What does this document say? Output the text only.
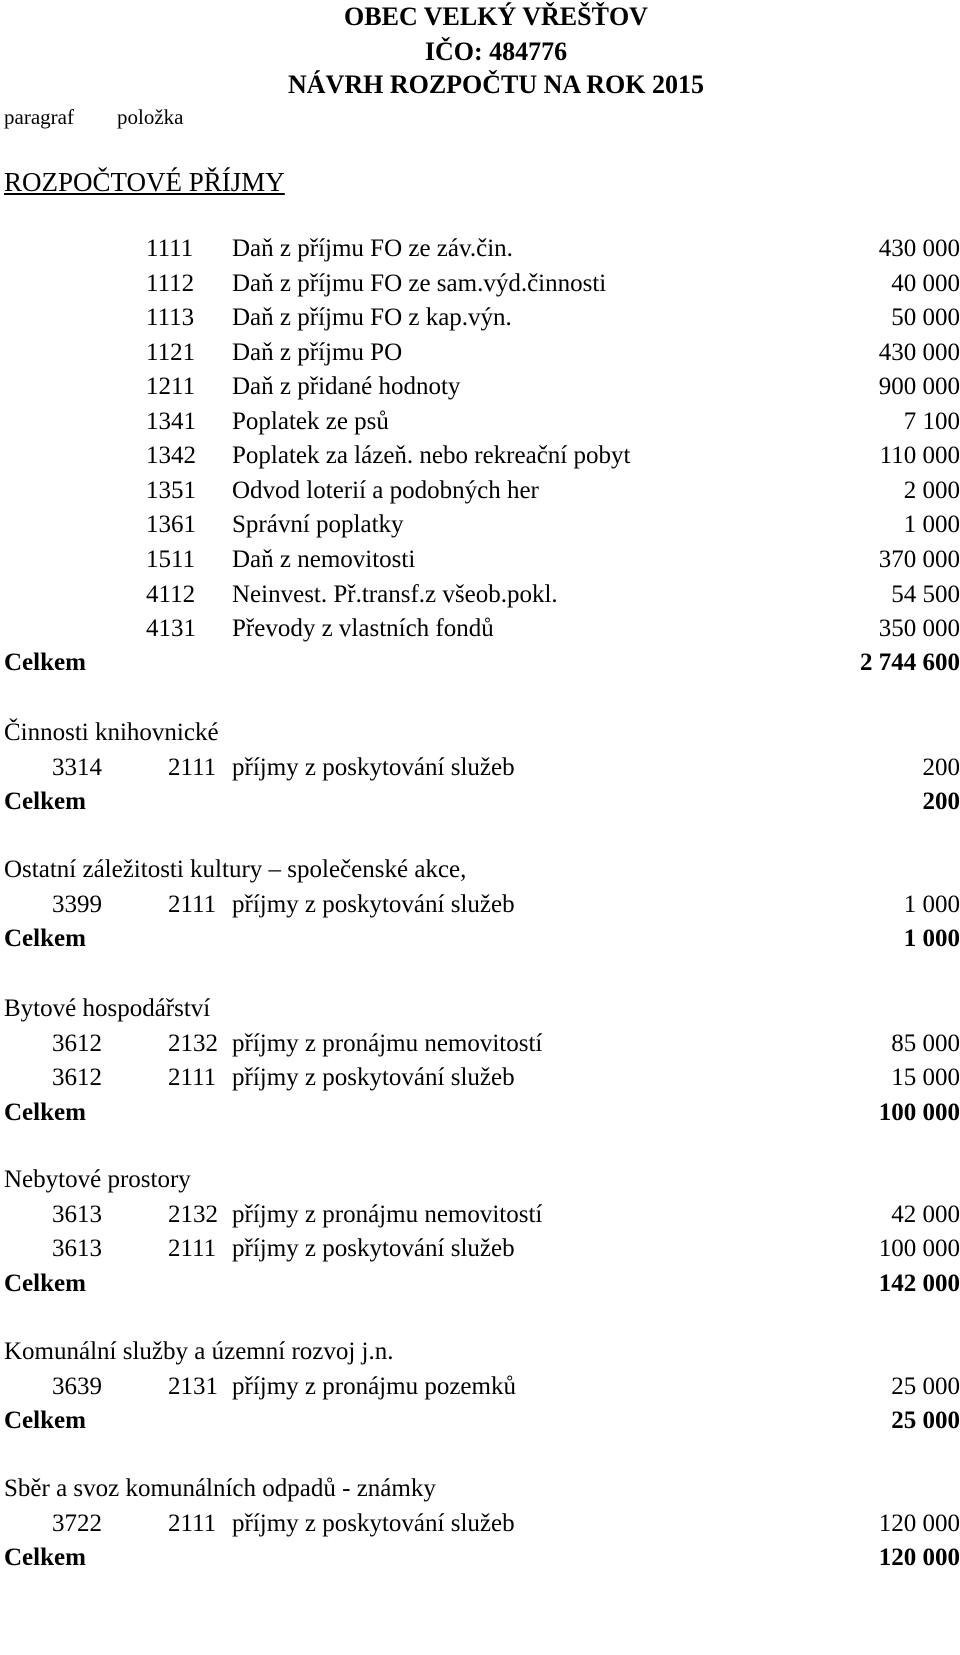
OBEC VELKÝ VŘEŠŤOV
IČO: 484776
NÁVRH ROZPOČTU NA ROK 2015
paragraf položka
ROZPOČTOVÉ PŘÍJMY
1111 Daň z příjmu FO ze záv.čin.	430 000
1112 Daň z příjmu FO ze sam.výd.činnosti	40 000
1113 Daň z příjmu FO z kap.výn.	50 000
1121 Daň z příjmu PO	430 000
1211 Daň z přidané hodnoty	900 000
1341 Poplatek ze psů	7 100
1342 Poplatek za lázeň. nebo rekreační pobyt	110 000
1351 Odvod loterií a podobných her	2 000
1361 Správní poplatky	1 000
1511 Daň z nemovitosti	370 000
4112 Neinvest. Př.transf.z všeob.pokl.	54 500
4131 Převody z vlastních fondů	350 000
Celkem	2 744 600
Činnosti knihovnické
3314	2111 příjmy z poskytování služeb	200
Celkem	200
Ostatní záležitosti kultury – společenské akce,
3399	2111 příjmy z poskytování služeb	1 000
Celkem	1 000
Bytové hospodářství
3612	2132 příjmy z pronájmu nemovitostí	85 000
3612	2111 příjmy z poskytování služeb	15 000
Celkem	100 000
Nebytové prostory
3613	2132 příjmy z pronájmu nemovitostí	42 000
3613	2111 příjmy z poskytování služeb	100 000
Celkem	142 000
Komunální služby a územní rozvoj j.n.
3639	2131 příjmy z pronájmu pozemků	25 000
Celkem	25 000
Sběr a svoz komunálních odpadů - známky
3722	2111 příjmy z poskytování služeb	120 000
Celkem	120 000
